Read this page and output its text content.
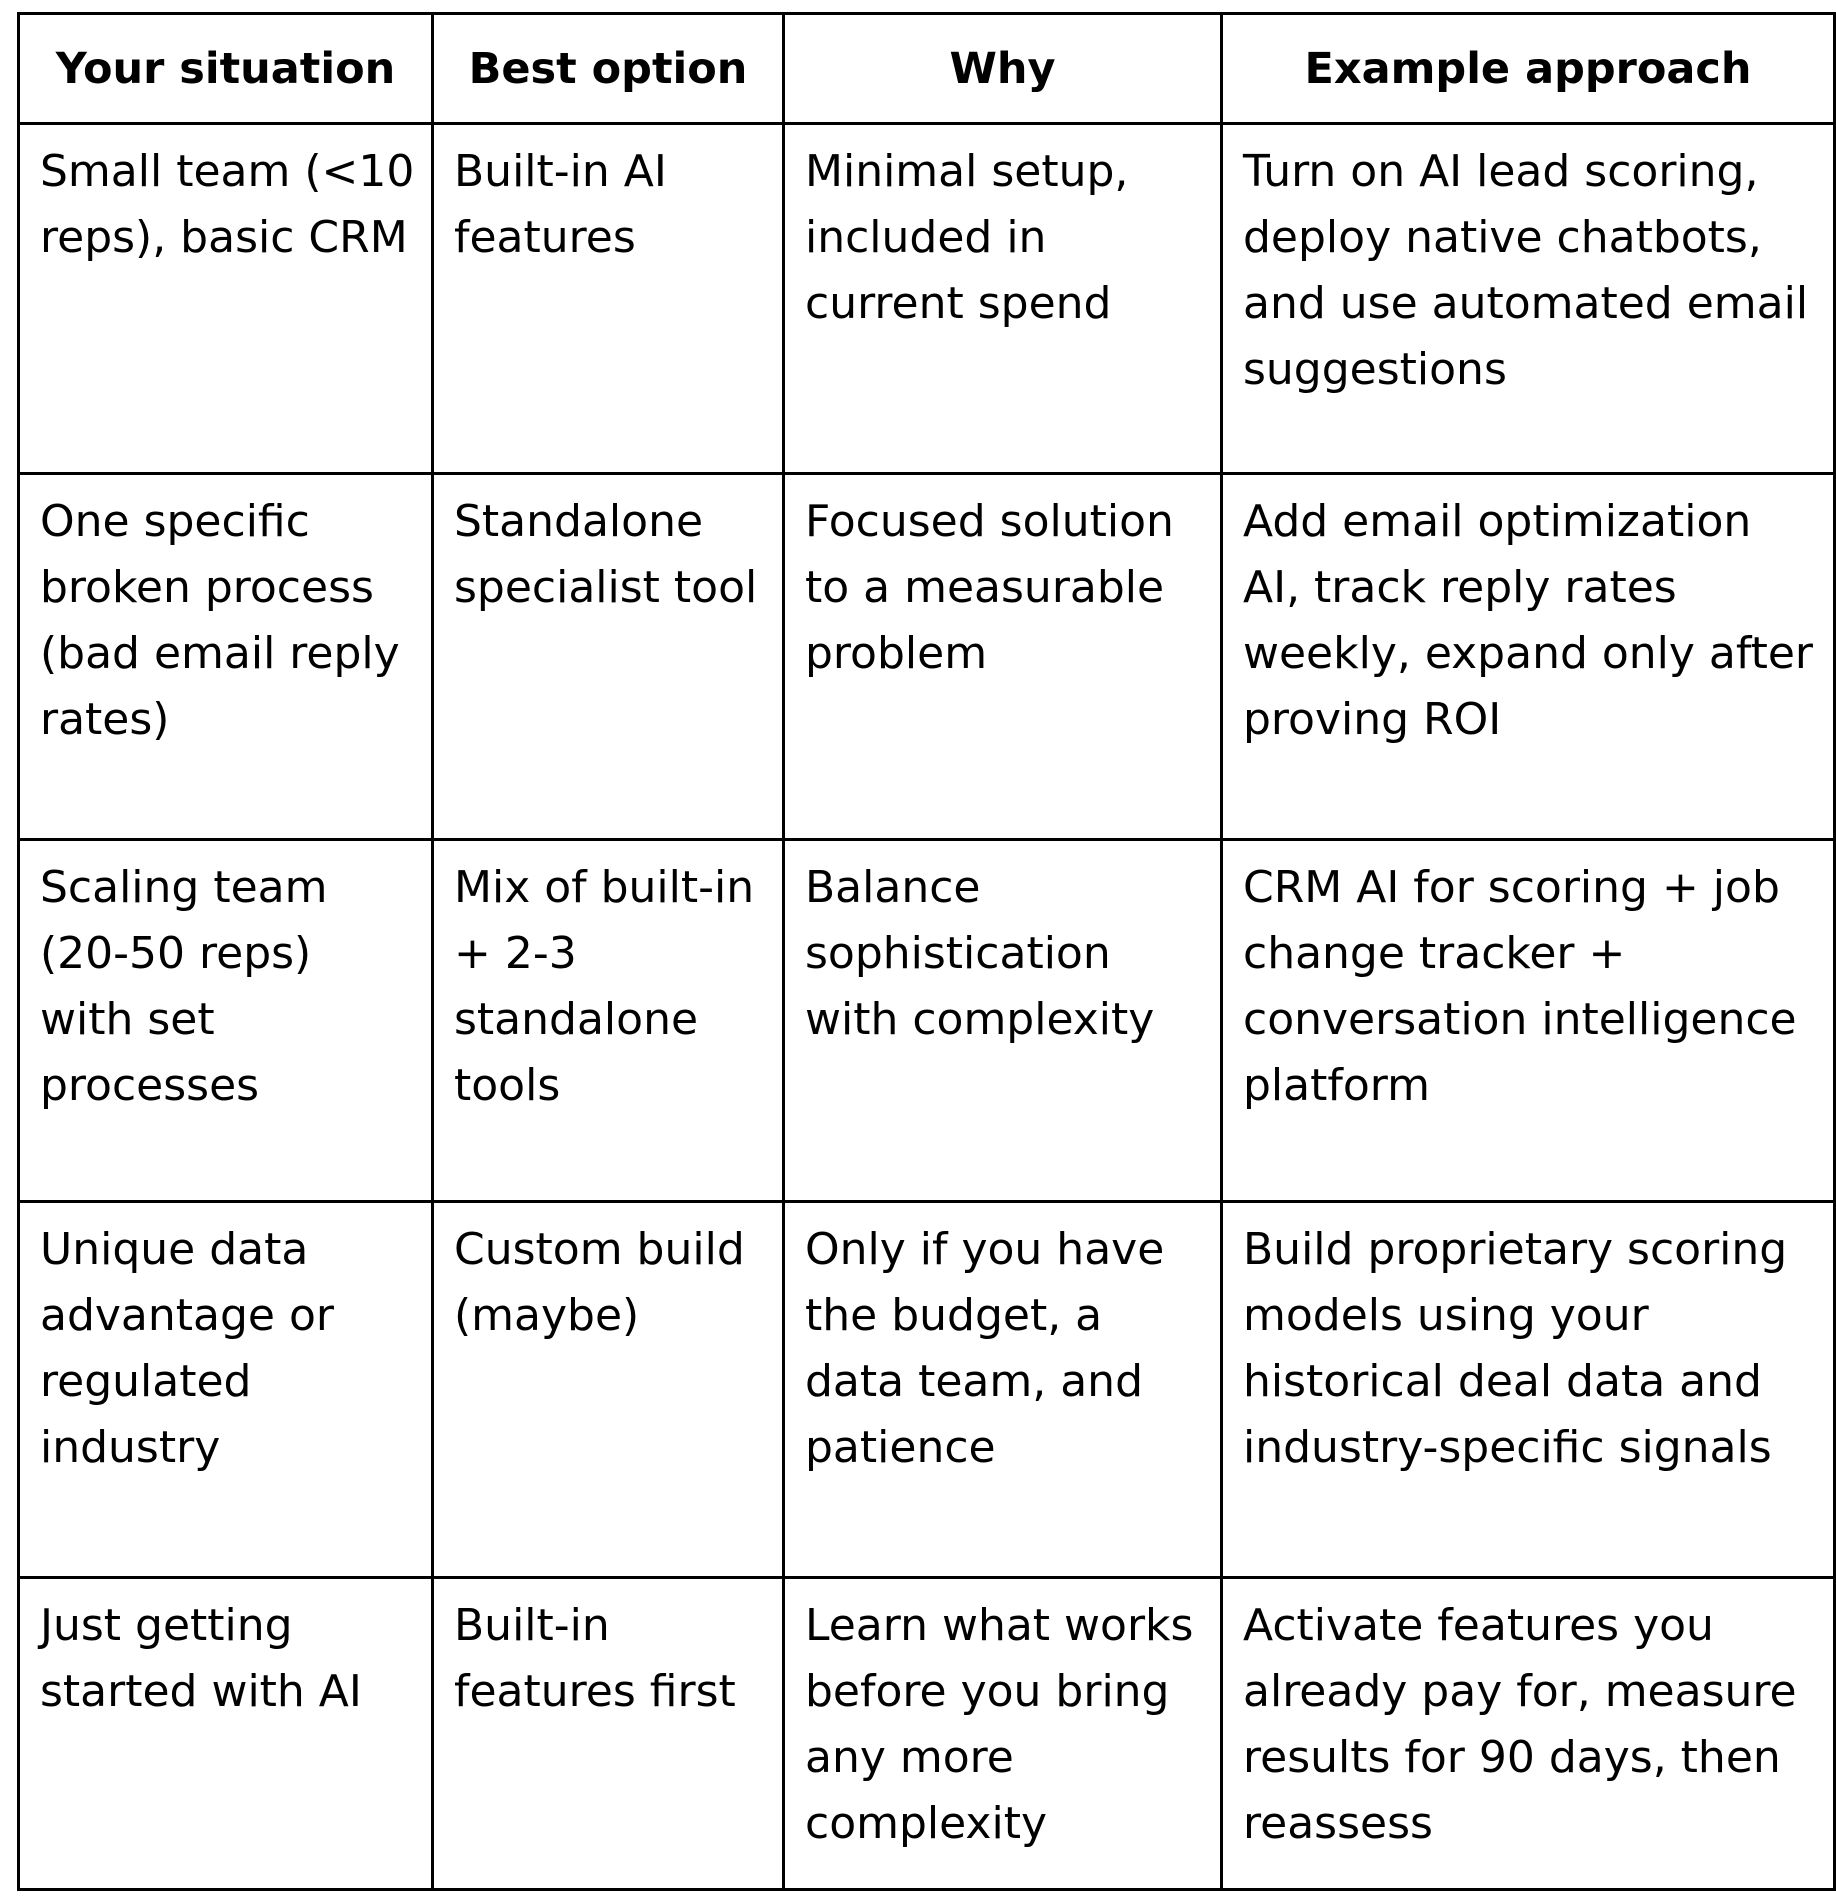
Your situation	Best option	Why	Example approach
Small team (<10 reps), basic CRM	Built-in AI features	Minimal setup, included in current spend	Turn on AI lead scoring, deploy native chatbots, and use automated email suggestions
One specific broken process (bad email reply rates)	Standalone specialist tool	Focused solution to a measurable problem	Add email optimization AI, track reply rates weekly, expand only after proving ROI
Scaling team (20-50 reps) with set processes	Mix of built-in + 2-3 standalone tools	Balance sophistication with complexity	CRM AI for scoring + job change tracker + conversation intelligence platform
Unique data advantage or regulated industry	Custom build (maybe)	Only if you have the budget, a data team, and patience	Build proprietary scoring models using your historical deal data and industry-specific signals
Just getting started with AI	Built-in features first	Learn what works before you bring any more complexity	Activate features you already pay for, measure results for 90 days, then reassess
